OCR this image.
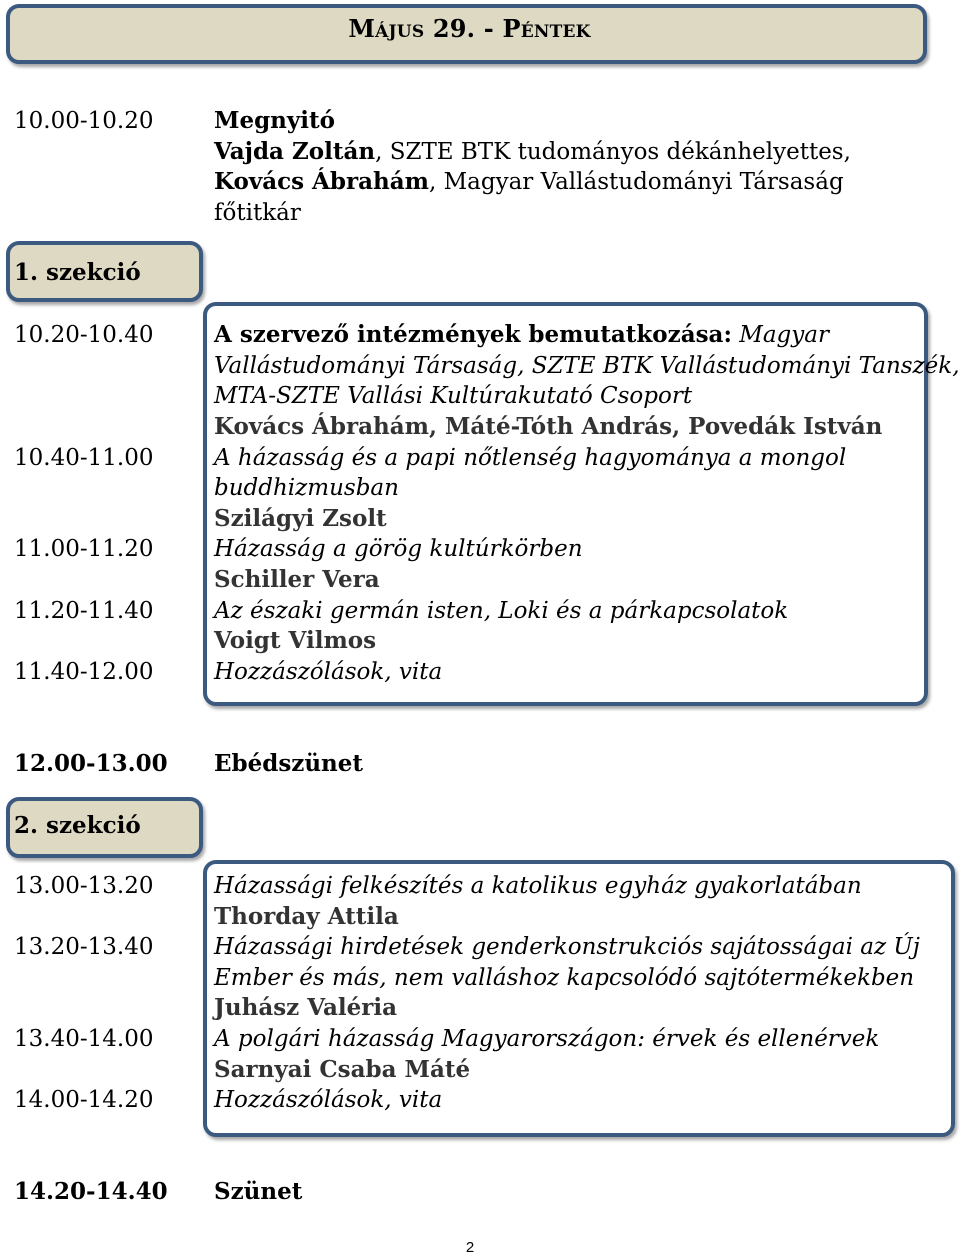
Május 29. - Péntek
10.00-10.20	Megnyitó
Vajda Zoltán, SZTE BTK tudományos dékánhelyettes,
Kovács Ábrahám, Magyar Vallástudományi Társaság
főtitkár
1. szekció
10.20-10.40	A szervező intézmények bemutatkozása: Magyar
Vallástudományi Társaság, SZTE BTK Vallástudományi Tanszék,
MTA-SZTE Vallási Kultúrakutató Csoport
Kovács Ábrahám, Máté-Tóth András, Povedák István
10.40-11.00	A házasság és a papi nőtlenség hagyománya a mongol
buddhizmusban
Szilágyi Zsolt
11.00-11.20	Házasság a görög kultúrkörben
Schiller Vera
11.20-11.40	Az északi germán isten, Loki és a párkapcsolatok
Voigt Vilmos
11.40-12.00	Hozzászólások, vita
12.00-13.00 Ebédszünet
2. szekció
13.00-13.20	Házassági felkészítés a katolikus egyház gyakorlatában
Thorday Attila
13.20-13.40	Házassági hirdetések genderkonstrukciós sajátosságai az Új
Ember és más, nem valláshoz kapcsolódó sajtótermékekben
Juhász Valéria
13.40-14.00	A polgári házasság Magyarországon: érvek és ellenérvek
Sarnyai Csaba Máté
14.00-14.20	Hozzászólások, vita
14.20-14.40 Szünet
2
